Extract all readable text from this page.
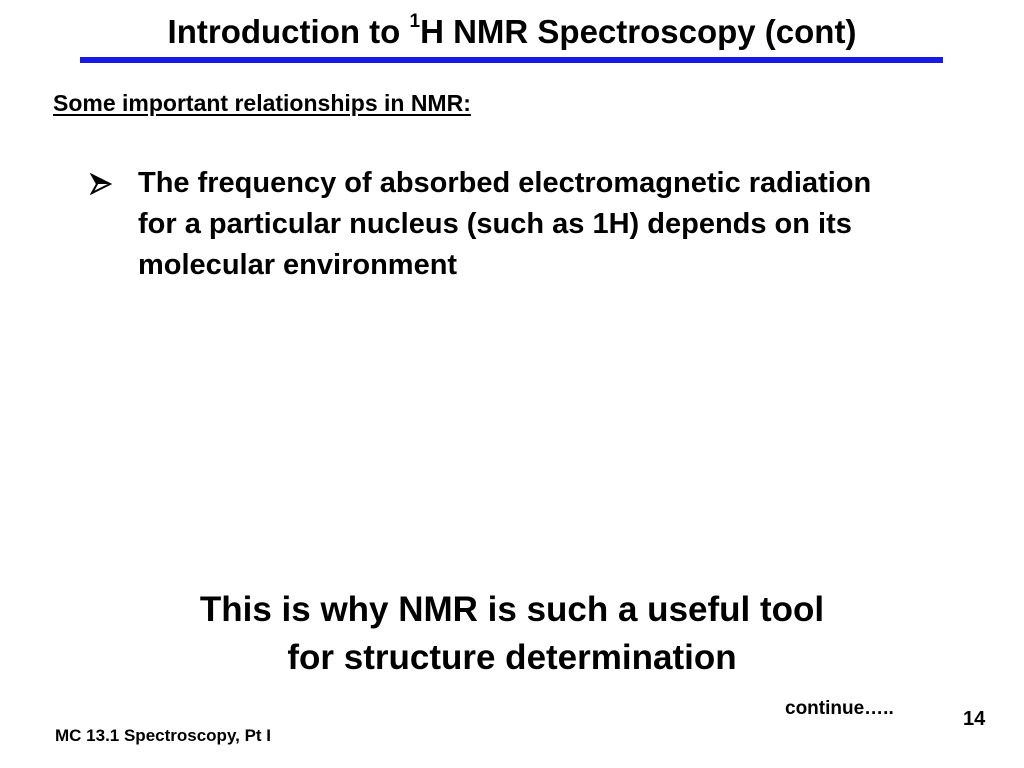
Introduction to $^1$H NMR Spectroscopy (cont)
Some important relationships in NMR:
The frequency of absorbed electromagnetic radiation for a particular nucleus (such as 1H) depends on its molecular environment
This is why NMR is such a useful tool
for structure determination
continue…..	14
MC 13.1 Spectroscopy, Pt I
